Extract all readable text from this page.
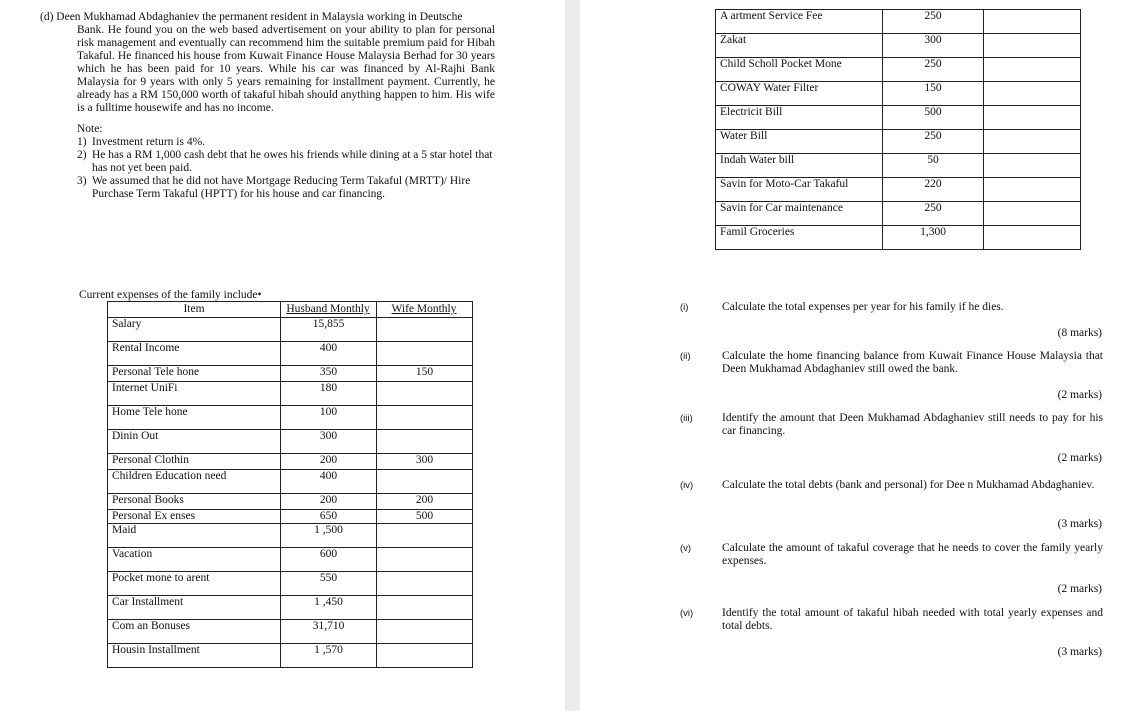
(d) Deen Mukhamad Abdaghaniev the permanent resident in Malaysia working in Deutsche
Bank. He found you on the web based advertisement on your ability to plan for personal risk management and eventually can recommend him the suitable premium paid for Hibah Takaful. He financed his house from Kuwait Finance House Malaysia Berhad for 30 years which he has been paid for 10 years. While his car was financed by Al-Rajhi Bank Malaysia for 9 years with only 5 years remaining for installment payment. Currently, he already has a RM 150,000 worth of takaful hibah should anything happen to him. His wife is a fulltime housewife and has no income.
Note:
1) Investment return is 4%.
2) He has a RM 1,000 cash debt that he owes his friends while dining at a 5 star hotel that has not yet been paid.
3) We assumed that he did not have Mortgage Reducing Term Takaful (MRTT)/ Hire Purchase Term Takaful (HPTT) for his house and car financing.
Current expenses of the family include•
Item	Husband Monthly	Wife Monthly
Salary	15,855	
Rental Income	400	
Personal Tele hone	350	150
Internet UniFi	180	
Home Tele hone	100	
Dinin Out	300	
Personal Clothin	200	300
Children Education need	400	
Personal Books	200	200
Personal Ex enses	650	500
Maid	1 ,500	
Vacation	600	
Pocket mone to arent	550	
Car Installment	1 ,450	
Com an Bonuses	31,710	
Housin Installment	1 ,570	
A artment Service Fee	250	
Zakat	300	
Child Scholl Pocket Mone	250	
COWAY Water Filter	150	
Electricit Bill	500	
Water Bill	250	
Indah Water bill	50	
Savin for Moto-Car Takaful	220	
Savin for Car maintenance	250	
Famil Groceries	1,300	
(i)	Calculate the total expenses per year for his family if he dies.
(8 marks)
(ii)	Calculate the home financing balance from Kuwait Finance House Malaysia that Deen Mukhamad Abdaghaniev still owed the bank.
(2 marks)
(iii)	Identify the amount that Deen Mukhamad Abdaghaniev still needs to pay for his car financing.
(2 marks)
(iv)	Calculate the total debts (bank and personal) for Dee n Mukhamad Abdaghaniev.
(3 marks)
(v)	Calculate the amount of takaful coverage that he needs to cover the family yearly expenses.
(2 marks)
(vi)	Identify the total amount of takaful hibah needed with total yearly expenses and total debts.
(3 marks)
